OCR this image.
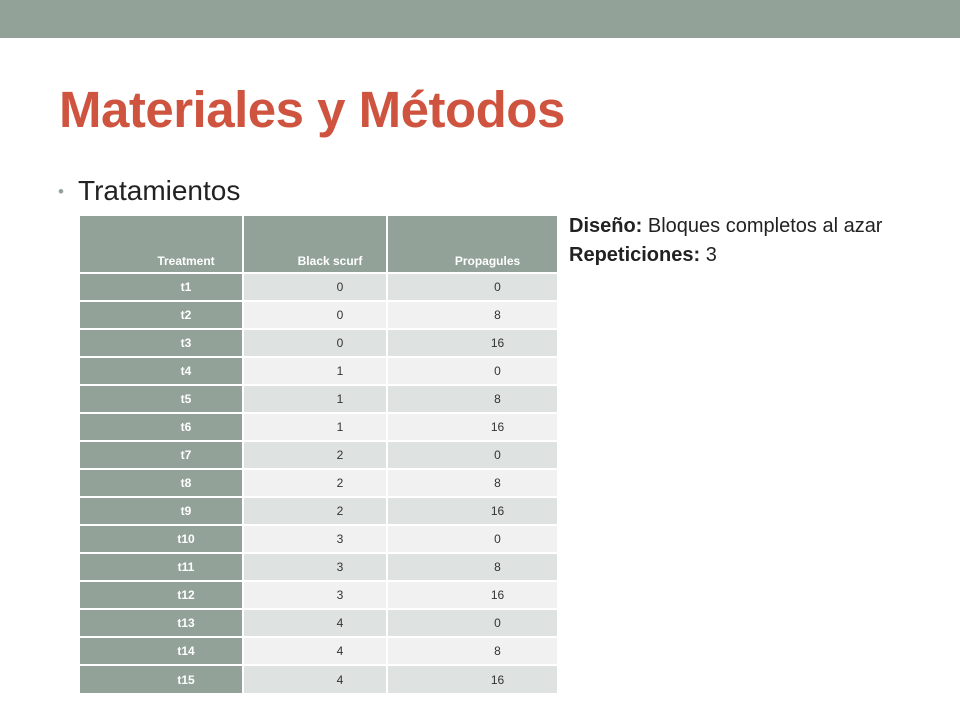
Materiales y Métodos
• Tratamientos
Diseño: Bloques completos al azar
Repeticiones: 3
Treatment	Black scurf	Propagules
t1	0	0
t2	0	8
t3	0	16
t4	1	0
t5	1	8
t6	1	16
t7	2	0
t8	2	8
t9	2	16
t10	3	0
t11	3	8
t12	3	16
t13	4	0
t14	4	8
t15	4	16
